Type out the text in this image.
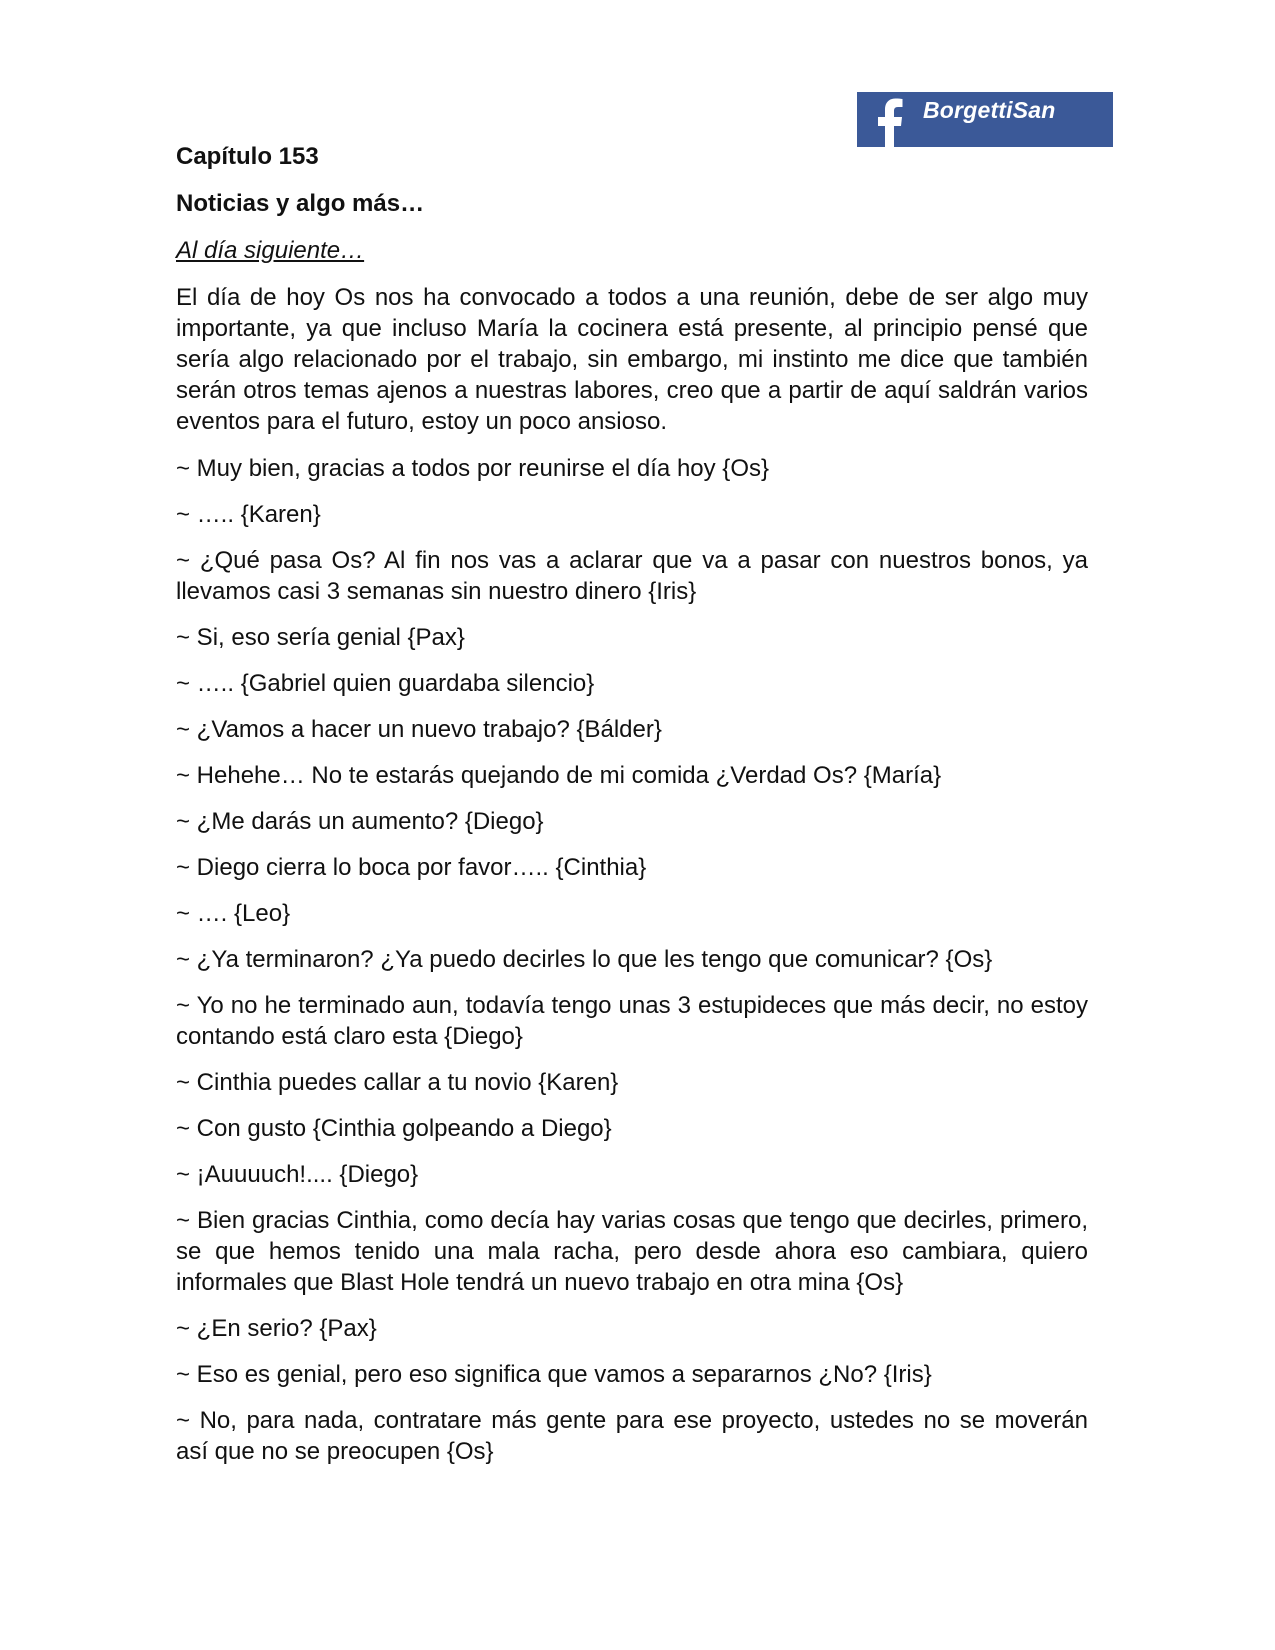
BorgettiSan

Capítulo 153

Noticias y algo más…

Al día siguiente…

El día de hoy Os nos ha convocado a todos a una reunión, debe de ser algo muy importante, ya que incluso María la cocinera está presente, al principio pensé que sería algo relacionado por el trabajo, sin embargo, mi instinto me dice que también serán otros temas ajenos a nuestras labores, creo que a partir de aquí saldrán varios eventos para el futuro, estoy un poco ansioso.

~ Muy bien, gracias a todos por reunirse el día hoy {Os}

~ ….. {Karen}

~ ¿Qué pasa Os? Al fin nos vas a aclarar que va a pasar con nuestros bonos, ya llevamos casi 3 semanas sin nuestro dinero {Iris}

~ Si, eso sería genial {Pax}

~ ….. {Gabriel quien guardaba silencio}

~ ¿Vamos a hacer un nuevo trabajo? {Bálder}

~ Hehehe… No te estarás quejando de mi comida ¿Verdad Os? {María}

~ ¿Me darás un aumento? {Diego}

~ Diego cierra lo boca por favor….. {Cinthia}

~ …. {Leo}

~ ¿Ya terminaron? ¿Ya puedo decirles lo que les tengo que comunicar? {Os}

~ Yo no he terminado aun, todavía tengo unas 3 estupideces que más decir, no estoy contando está claro esta {Diego}

~ Cinthia puedes callar a tu novio {Karen}

~ Con gusto {Cinthia golpeando a Diego}

~ ¡Auuuuch!.... {Diego}

~ Bien gracias Cinthia, como decía hay varias cosas que tengo que decirles, primero, se que hemos tenido una mala racha, pero desde ahora eso cambiara, quiero informales que Blast Hole tendrá un nuevo trabajo en otra mina {Os}

~ ¿En serio? {Pax}

~ Eso es genial, pero eso significa que vamos a separarnos ¿No? {Iris}

~ No, para nada, contratare más gente para ese proyecto, ustedes no se moverán así que no se preocupen {Os}
